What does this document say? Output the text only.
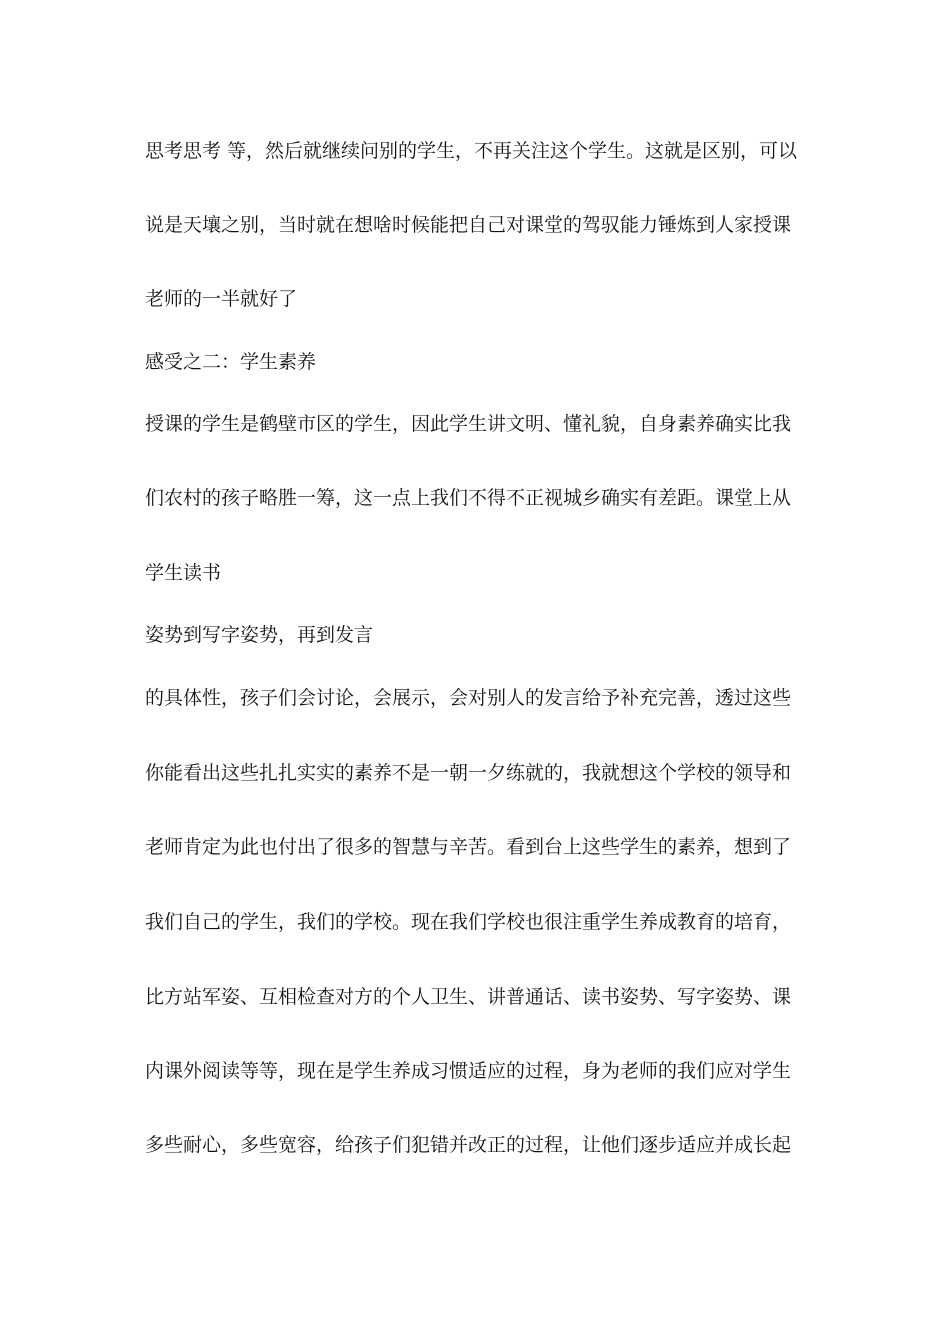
思考思考 等，然后就继续问别的学生，不再关注这个学生。这就是区别，可以
说是天壤之别，当时就在想啥时候能把自己对课堂的驾驭能力锤炼到人家授课
老师的一半就好了
感受之二：学生素养
授课的学生是鹤壁市区的学生，因此学生讲文明、懂礼貌，自身素养确实比我
们农村的孩子略胜一筹，这一点上我们不得不正视城乡确实有差距。课堂上从
学生读书
姿势到写字姿势，再到发言
的具体性，孩子们会讨论，会展示，会对别人的发言给予补充完善，透过这些
你能看出这些扎扎实实的素养不是一朝一夕练就的，我就想这个学校的领导和
老师肯定为此也付出了很多的智慧与辛苦。看到台上这些学生的素养，想到了
我们自己的学生，我们的学校。现在我们学校也很注重学生养成教育的培育，
比方站军姿、互相检查对方的个人卫生、讲普通话、读书姿势、写字姿势、课
内课外阅读等等，现在是学生养成习惯适应的过程，身为老师的我们应对学生
多些耐心，多些宽容，给孩子们犯错并改正的过程，让他们逐步适应并成长起
